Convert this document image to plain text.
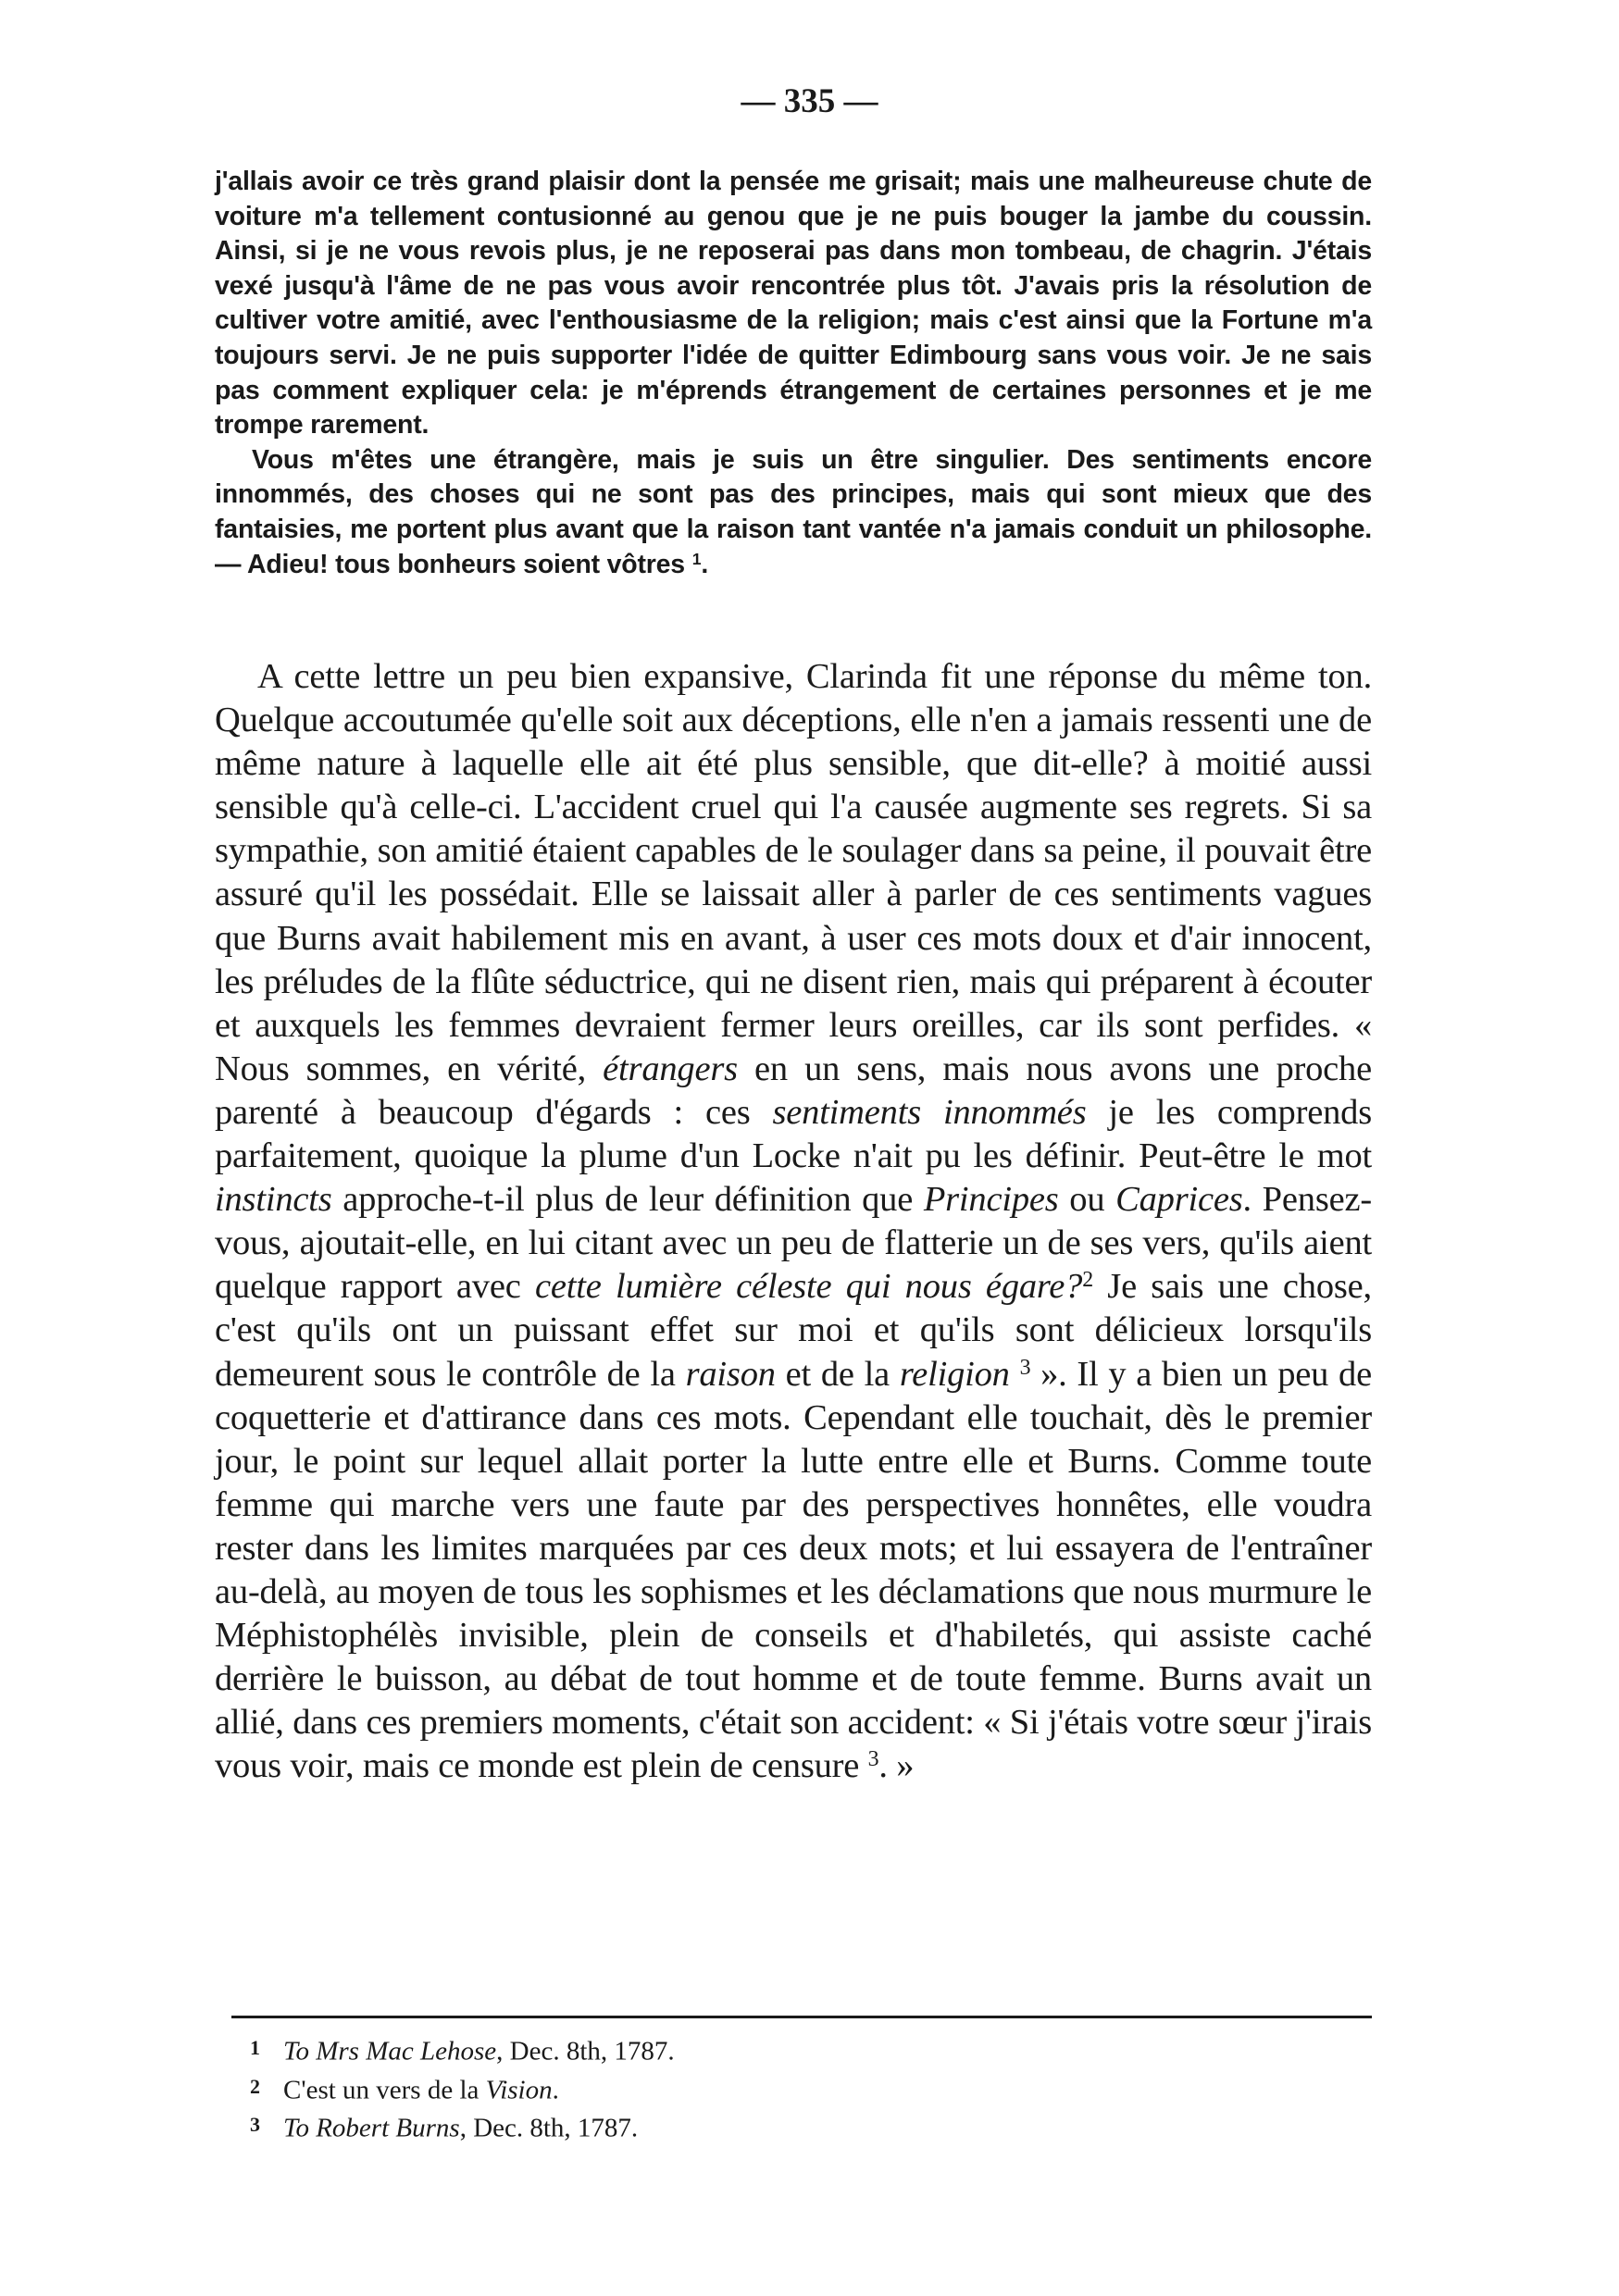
— 335 —

j'allais avoir ce très grand plaisir dont la pensée me grisait; mais une malheureuse chute de voiture m'a tellement contusionné au genou que je ne puis bouger la jambe du coussin. Ainsi, si je ne vous revois plus, je ne reposerai pas dans mon tombeau, de chagrin. J'étais vexé jusqu'à l'âme de ne pas vous avoir rencontrée plus tôt. J'avais pris la résolution de cultiver votre amitié, avec l'enthousiasme de la religion; mais c'est ainsi que la Fortune m'a toujours servi. Je ne puis supporter l'idée de quitter Edimbourg sans vous voir. Je ne sais pas comment expliquer cela: je m'éprends étrangement de certaines personnes et je me trompe rarement.

Vous m'êtes une étrangère, mais je suis un être singulier. Des sentiments encore innommés, des choses qui ne sont pas des principes, mais qui sont mieux que des fantaisies, me portent plus avant que la raison tant vantée n'a jamais conduit un philosophe. — Adieu! tous bonheurs soient vôtres $^1$.

A cette lettre un peu bien expansive, Clarinda fit une réponse du même ton. Quelque accoutumée qu'elle soit aux déceptions, elle n'en a jamais ressenti une de même nature à laquelle elle ait été plus sensible, que dit-elle? à moitié aussi sensible qu'à celle-ci. L'accident cruel qui l'a causée augmente ses regrets. Si sa sympathie, son amitié étaient capables de le soulager dans sa peine, il pouvait être assuré qu'il les possédait. Elle se laissait aller à parler de ces sentiments vagues que Burns avait habilement mis en avant, à user ces mots doux et d'air innocent, les préludes de la flûte séductrice, qui ne disent rien, mais qui préparent à écouter et auxquels les femmes devraient fermer leurs oreilles, car ils sont perfides. « Nous sommes, en vérité, étrangers en un sens, mais nous avons une proche parenté à beaucoup d'égards : ces sentiments innommés je les comprends parfaitement, quoique la plume d'un Locke n'ait pu les définir. Peut-être le mot instincts approche-t-il plus de leur définition que Principes ou Caprices. Pensez-vous, ajoutait-elle, en lui citant avec un peu de flatterie un de ses vers, qu'ils aient quelque rapport avec cette lumière céleste qui nous égare?$^2$ Je sais une chose, c'est qu'ils ont un puissant effet sur moi et qu'ils sont délicieux lorsqu'ils demeurent sous le contrôle de la raison et de la religion $^3$ ». Il y a bien un peu de coquetterie et d'attirance dans ces mots. Cependant elle touchait, dès le premier jour, le point sur lequel allait porter la lutte entre elle et Burns. Comme toute femme qui marche vers une faute par des perspectives honnêtes, elle voudra rester dans les limites marquées par ces deux mots; et lui essayera de l'entraîner au-delà, au moyen de tous les sophismes et les déclamations que nous murmure le Méphistophélès invisible, plein de conseils et d'habiletés, qui assiste caché derrière le buisson, au débat de tout homme et de toute femme. Burns avait un allié, dans ces premiers moments, c'était son accident: « Si j'étais votre sœur j'irais vous voir, mais ce monde est plein de censure $^3$. »

1 To Mrs Mac Lehose, Dec. 8th, 1787.

2 C'est un vers de la Vision.

3 To Robert Burns, Dec. 8th, 1787.
